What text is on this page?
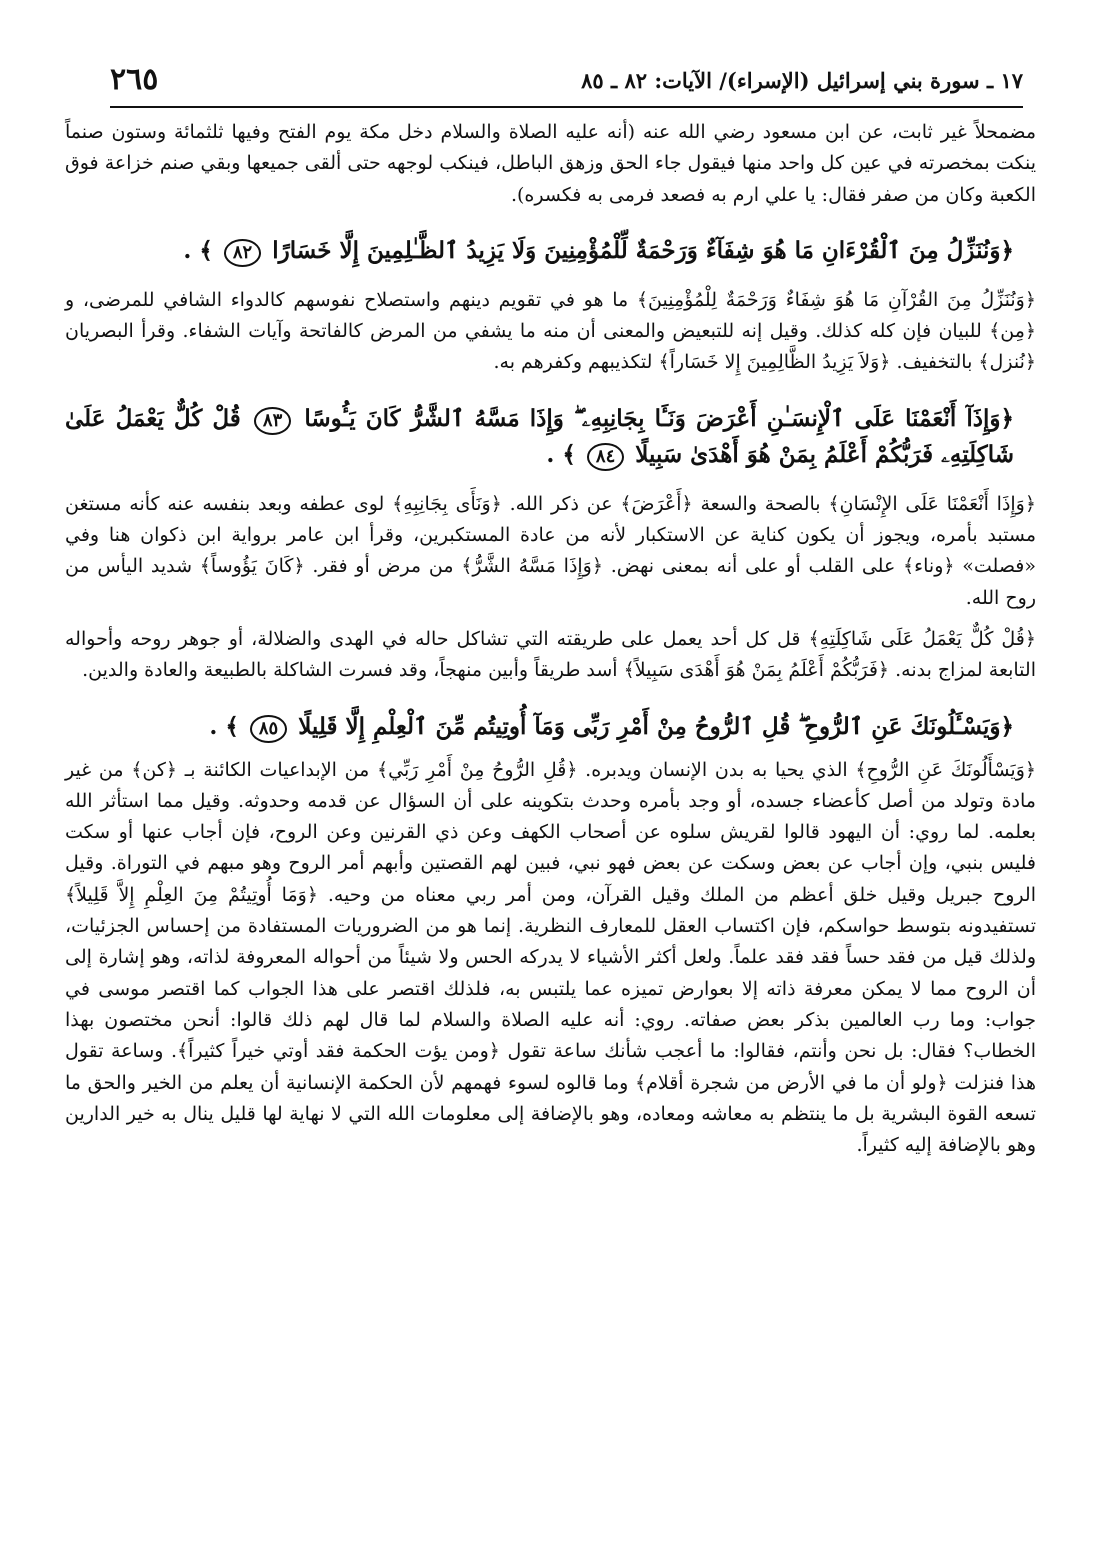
١٧ ـ سورة بني إسرائيل (الإسراء)/ الآيات: ٨٢ ـ ٨٥
٢٦٥

مضمحلاً غير ثابت، عن ابن مسعود رضي الله عنه (أنه عليه الصلاة والسلام دخل مكة يوم الفتح وفيها ثلثمائة وستون صنماً ينكت بمخصرته في عين كل واحد منها فيقول جاء الحق وزهق الباطل، فينكب لوجهه حتى ألقى جميعها وبقي صنم خزاعة فوق الكعبة وكان من صفر فقال: يا علي ارم به فصعد فرمى به فكسره).

﴿وَنُنَزِّلُ مِنَ ٱلْقُرْءَانِ مَا هُوَ شِفَآءٌ وَرَحْمَةٌ لِّلْمُؤْمِنِينَ وَلَا يَزِيدُ ٱلظَّـٰلِمِينَ إِلَّا خَسَارًا ٨٢ ﴾ .

﴿وَنُنَزِّلُ مِنَ القُرْآنِ مَا هُوَ شِفَاءٌ وَرَحْمَةٌ لِلْمُؤْمِنِينَ﴾ ما هو في تقويم دينهم واستصلاح نفوسهم كالدواء الشافي للمرضى، و ﴿مِن﴾ للبيان فإن كله كذلك. وقيل إنه للتبعيض والمعنى أن منه ما يشفي من المرض كالفاتحة وآيات الشفاء. وقرأ البصريان ﴿نُنزل﴾ بالتخفيف. ﴿وَلاَ يَزِيدُ الظَّالِمِينَ إِلا خَسَاراً﴾ لتكذيبهم وكفرهم به.

﴿وَإِذَآ أَنْعَمْنَا عَلَى ٱلْإِنسَـٰنِ أَعْرَضَ وَنَـَٔا بِجَانِبِهِۦ ۖ وَإِذَا مَسَّهُ ٱلشَّرُّ كَانَ يَـُٔوسًا ٨٣ قُلْ كُلٌّ يَعْمَلُ عَلَىٰ شَاكِلَتِهِۦ فَرَبُّكُمْ أَعْلَمُ بِمَنْ هُوَ أَهْدَىٰ سَبِيلًا ٨٤ ﴾ .

﴿وَإِذَا أَنْعَمْنَا عَلَى الإِنْسَانِ﴾ بالصحة والسعة ﴿أَعْرَضَ﴾ عن ذكر الله. ﴿وَنَأَى بِجَانِبِهِ﴾ لوى عطفه وبعد بنفسه عنه كأنه مستغن مستبد بأمره، ويجوز أن يكون كناية عن الاستكبار لأنه من عادة المستكبرين، وقرأ ابن عامر برواية ابن ذكوان هنا وفي «فصلت» ﴿وناء﴾ على القلب أو على أنه بمعنى نهض. ﴿وَإِذَا مَسَّهُ الشَّرُّ﴾ من مرض أو فقر. ﴿كَانَ يَؤُوساً﴾ شديد اليأس من روح الله.

﴿قُلْ كُلٌّ يَعْمَلُ عَلَى شَاكِلَتِهِ﴾ قل كل أحد يعمل على طريقته التي تشاكل حاله في الهدى والضلالة، أو جوهر روحه وأحواله التابعة لمزاج بدنه. ﴿فَرَبُّكُمْ أَعْلَمُ بِمَنْ هُوَ أَهْدَى سَبِيلاً﴾ أسد طريقاً وأبين منهجاً، وقد فسرت الشاكلة بالطبيعة والعادة والدين.

﴿وَيَسْـَٔلُونَكَ عَنِ ٱلرُّوحِ ۖ قُلِ ٱلرُّوحُ مِنْ أَمْرِ رَبِّى وَمَآ أُوتِيتُم مِّنَ ٱلْعِلْمِ إِلَّا قَلِيلًا ٨٥ ﴾ .

﴿وَيَسْأَلُونَكَ عَنِ الرُّوحِ﴾ الذي يحيا به بدن الإنسان ويدبره. ﴿قُلِ الرُّوحُ مِنْ أَمْرِ رَبِّي﴾ من الإبداعيات الكائنة بـ ﴿كن﴾ من غير مادة وتولد من أصل كأعضاء جسده، أو وجد بأمره وحدث بتكوينه على أن السؤال عن قدمه وحدوثه. وقيل مما استأثر الله بعلمه. لما روي: أن اليهود قالوا لقريش سلوه عن أصحاب الكهف وعن ذي القرنين وعن الروح، فإن أجاب عنها أو سكت فليس بنبي، وإن أجاب عن بعض وسكت عن بعض فهو نبي، فبين لهم القصتين وأبهم أمر الروح وهو مبهم في التوراة. وقيل الروح جبريل وقيل خلق أعظم من الملك وقيل القرآن، ومن أمر ربي معناه من وحيه. ﴿وَمَا أُوتِيتُمْ مِنَ العِلْمِ إِلاَّ قَلِيلاً﴾ تستفيدونه بتوسط حواسكم، فإن اكتساب العقل للمعارف النظرية. إنما هو من الضروريات المستفادة من إحساس الجزئيات، ولذلك قيل من فقد حساً فقد فقد علماً. ولعل أكثر الأشياء لا يدركه الحس ولا شيئاً من أحواله المعروفة لذاته، وهو إشارة إلى أن الروح مما لا يمكن معرفة ذاته إلا بعوارض تميزه عما يلتبس به، فلذلك اقتصر على هذا الجواب كما اقتصر موسى في جواب: وما رب العالمين بذكر بعض صفاته. روي: أنه عليه الصلاة والسلام لما قال لهم ذلك قالوا: أنحن مختصون بهذا الخطاب؟ فقال: بل نحن وأنتم، فقالوا: ما أعجب شأنك ساعة تقول ﴿ومن يؤت الحكمة فقد أوتي خيراً كثيراً﴾. وساعة تقول هذا فنزلت ﴿ولو أن ما في الأرض من شجرة أقلام﴾ وما قالوه لسوء فهمهم لأن الحكمة الإنسانية أن يعلم من الخير والحق ما تسعه القوة البشرية بل ما ينتظم به معاشه ومعاده، وهو بالإضافة إلى معلومات الله التي لا نهاية لها قليل ينال به خير الدارين وهو بالإضافة إليه كثيراً.
